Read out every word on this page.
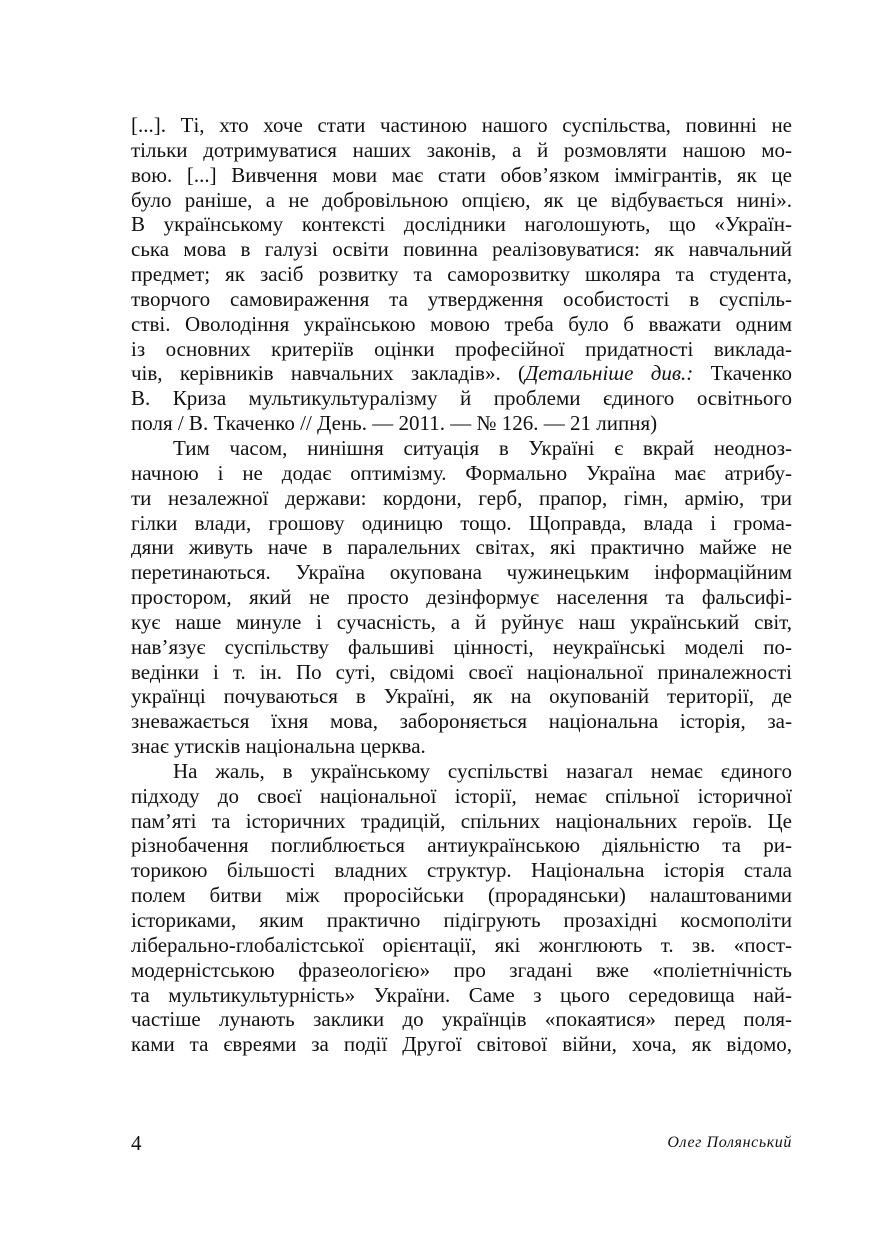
[...]. Ті, хто хоче стати частиною нашого суспільства, повинні не
тільки дотримуватися наших законів, а й розмовляти нашою мо-
вою. [...] Вивчення мови має стати обов’язком іммігрантів, як це
було раніше, а не добровільною опцією, як це відбувається нині».
В українському контексті дослідники наголошують, що «Україн-
ська мова в галузі освіти повинна реалізовуватися: як навчальний
предмет; як засіб розвитку та саморозвитку школяра та студента,
творчого самовираження та утвердження особистості в суспіль-
стві. Оволодіння українською мовою треба було б вважати одним
із основних критеріїв оцінки професійної придатності виклада-
чів, керівників навчальних закладів». (Детальніше див.: Ткаченко
В. Криза мультикультуралізму й проблеми єдиного освітнього
поля / В. Ткаченко // День. — 2011. — № 126. — 21 липня)
Тим часом, нинішня ситуація в Україні є вкрай неодноз-
начною і не додає оптимізму. Формально Україна має атрибу-
ти незалежної держави: кордони, герб, прапор, гімн, армію, три
гілки влади, грошову одиницю тощо. Щоправда, влада і грома-
дяни живуть наче в паралельних світах, які практично майже не
перетинаються. Україна окупована чужинецьким інформаційним
простором, який не просто дезінформує населення та фальсифі-
кує наше минуле і сучасність, а й руйнує наш український світ,
нав’язує суспільству фальшиві цінності, неукраїнські моделі по-
ведінки і т. ін. По суті, свідомі своєї національної приналежності
українці почуваються в Україні, як на окупованій території, де
зневажається їхня мова, забороняється національна історія, за-
знає утисків національна церква.
На жаль, в українському суспільстві назагал немає єдиного
підходу до своєї національної історії, немає спільної історичної
пам’яті та історичних традицій, спільних національних героїв. Це
різнобачення поглиблюється антиукраїнською діяльністю та ри-
торикою більшості владних структур. Національна історія стала
полем битви між проросійськи (прорадянськи) налаштованими
істориками, яким практично підігрують прозахідні космополіти
ліберально-глобалістської орієнтації, які жонглюють т. зв. «пост-
модерністською фразеологією» про згадані вже «поліетнічність
та мультикультурність» України. Саме з цього середовища най-
частіше лунають заклики до українців «покаятися» перед поля-
ками та євреями за події Другої світової війни, хоча, як відомо,
4	Олег Полянський
